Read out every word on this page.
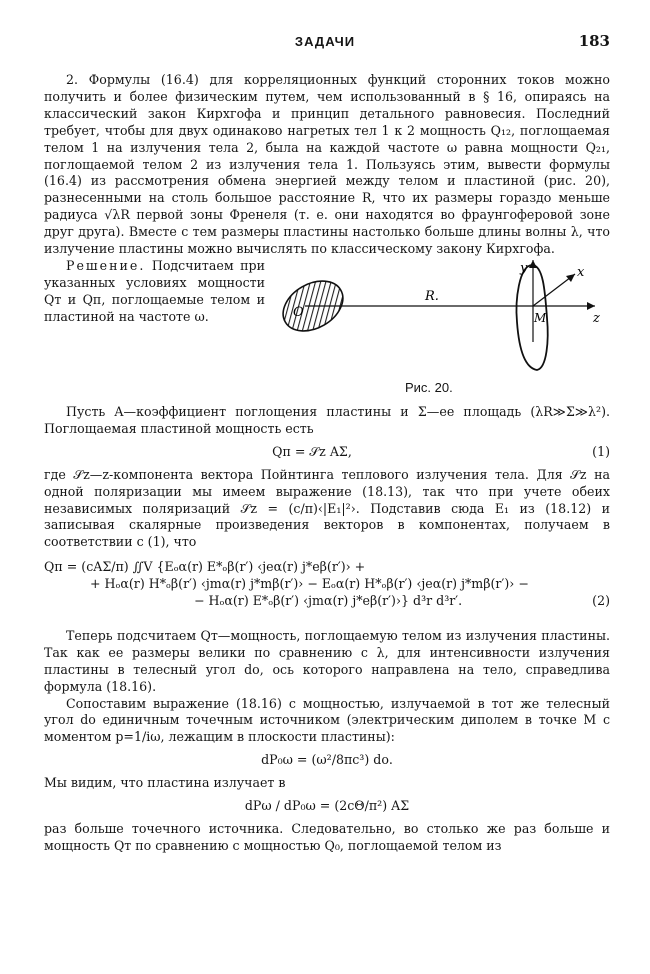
ЗАДАЧИ	183

2. Формулы (16.4) для корреляционных функций сторонних токов можно получить и более физическим путем, чем использованный в § 16, опираясь на классический закон Кирхгофа и принцип детального равновесия. Последний требует, чтобы для двух одинаково нагретых тел 1 к 2 мощность Q₁₂, поглощаемая телом 1 на излучения тела 2, была на каждой частоте ω равна мощности Q₂₁, поглощаемой телом 2 из излучения тела 1. Пользуясь этим, вывести формулы (16.4) из рассмотрения обмена энергией между телом и пластиной (рис. 20), разнесенными на столь большое расстояние R, что их размеры гораздо меньше радиуса √λR первой зоны Френеля (т. е. они находятся во фраунгоферовой зоне друг друга). Вместе с тем размеры пластины настолько больше длины волны λ, что излучение пластины можно вычислять по классическому закону Кирхгофа.

O
R.
M
y	x
z
Рис. 20.

Решение. Подсчитаем при указанных условиях мощности Qт и Qп, поглощаемые телом и пластиной на частоте ω.

Пусть A—коэффициент поглощения пластины и Σ—ее площадь (λR≫Σ≫λ²). Поглощаемая пластиной мощность есть

Qп = 𝒮z AΣ,	(1)

где 𝒮z—z-компонента вектора Пойнтинга теплового излучения тела. Для 𝒮z на одной поляризации мы имеем выражение (18.13), так что при учете обеих независимых поляризаций 𝒮z = (c/π)‹|E₁|²›. Подставив сюда E₁ из (18.12) и записывая скалярные произведения векторов в компонентах, получаем в соответствии с (1), что

Qп = (cAΣ/π) ∬V {Eₒα(r) E*ₒβ(r′) ‹jeα(r) j*eβ(r′)› +
+ Hₒα(r) H*ₒβ(r′) ‹jmα(r) j*mβ(r′)› − Eₒα(r) H*ₒβ(r′) ‹jeα(r) j*mβ(r′)› −
− Hₒα(r) E*ₒβ(r′) ‹jmα(r) j*eβ(r′)›} d³r d³r′.	(2)

Теперь подсчитаем Qт—мощность, поглощаемую телом из излучения пластины. Так как ее размеры велики по сравнению с λ, для интенсивности излучения пластины в телесный угол dо, ось которого направлена на тело, справедлива формула (18.16).

Сопоставим выражение (18.16) с мощностью, излучаемой в тот же телесный угол dо единичным точечным источником (электрическим диполем в точке M с моментом p=1/iω, лежащим в плоскости пластины):

dP₀ω = (ω²/8πc³) dо.

Мы видим, что пластина излучает в

dPω / dP₀ω = (2cΘ/π²) AΣ

раз больше точечного источника. Следовательно, во столько же раз больше и мощность Qт по сравнению с мощностью Q₀, поглощаемой телом из
